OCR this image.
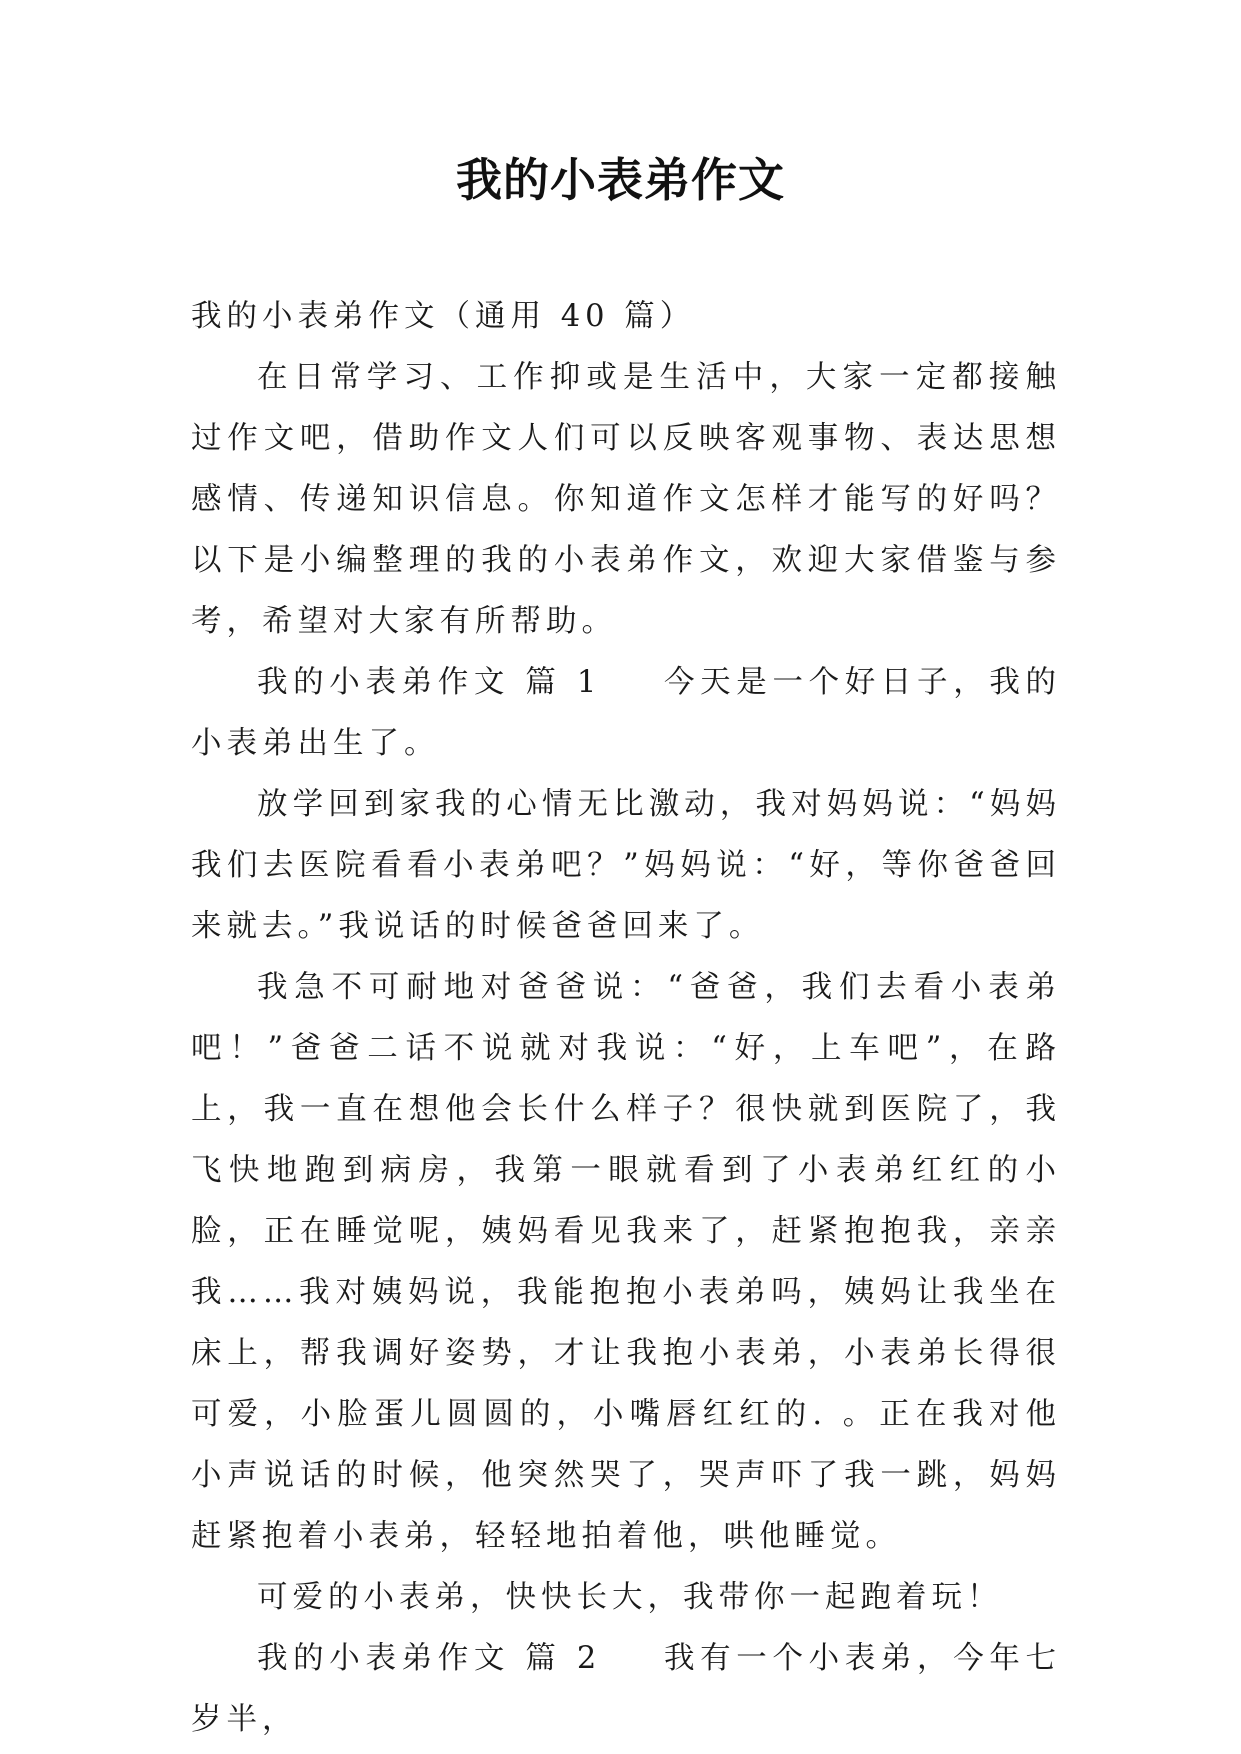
我的小表弟作文

我的小表弟作文（通用 40 篇）

在日常学习、工作抑或是生活中，大家一定都接触过作文吧，借助作文人们可以反映客观事物、表达思想感情、传递知识信息。你知道作文怎样才能写的好吗？以下是小编整理的我的小表弟作文，欢迎大家借鉴与参考，希望对大家有所帮助。

我的小表弟作文 篇 1 今天是一个好日子，我的小表弟出生了。

放学回到家我的心情无比激动，我对妈妈说：“妈妈我们去医院看看小表弟吧？”妈妈说：“好，等你爸爸回来就去。”我说话的时候爸爸回来了。

我急不可耐地对爸爸说：“爸爸，我们去看小表弟吧！”爸爸二话不说就对我说：“好，上车吧”，在路上，我一直在想他会长什么样子？很快就到医院了，我飞快地跑到病房，我第一眼就看到了小表弟红红的小脸，正在睡觉呢，姨妈看见我来了，赶紧抱抱我，亲亲我……我对姨妈说，我能抱抱小表弟吗，姨妈让我坐在床上，帮我调好姿势，才让我抱小表弟，小表弟长得很可爱，小脸蛋儿圆圆的，小嘴唇红红的. 。正在我对他小声说话的时候，他突然哭了，哭声吓了我一跳，妈妈赶紧抱着小表弟，轻轻地拍着他，哄他睡觉。

可爱的小表弟，快快长大，我带你一起跑着玩！

我的小表弟作文 篇 2 我有一个小表弟，今年七岁半，
